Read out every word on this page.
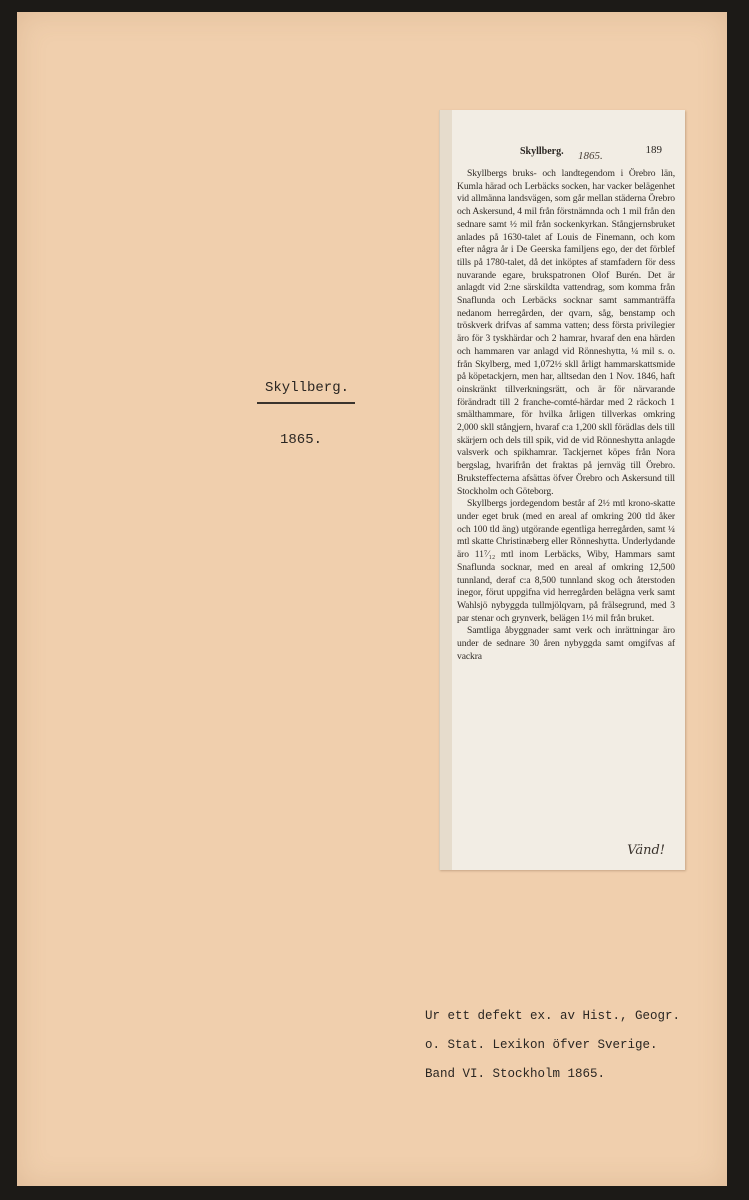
Skyllberg.
1865.
Skyllberg. 1865.	189

Skyllbergs bruks- och landtegendom i Örebro län, Kumla härad och Lerbäcks socken, har vacker belägenhet vid allmänna landsvägen, som går mellan städerna Örebro och Askersund, 4 mil från förstnämnda och 1 mil från den sednare samt ½ mil från sockenkyrkan. Stångjernsbruket anlades på 1630-talet af Louis de Finemann, och kom efter några år i De Geerska familjens ego, der det förblef tills på 1780-talet, då det inköptes af stamfadern för dess nuvarande egare, brukspatronen Olof Burén. Det är anlagdt vid 2:ne särskildta vattendrag, som komma från Snaflunda och Lerbäcks socknar samt sammanträffa nedanom herregården, der qvarn, såg, benstamp och tröskverk drifvas af samma vatten; dess första privilegier äro för 3 tyskhärdar och 2 hamrar, hvaraf den ena härden och hammaren var anlagd vid Rönneshytta, ¼ mil s. o. från Skylberg, med 1,072½ skll årligt hammarskattsmide på köpetackjern, men har, alltsedan den 1 Nov. 1846, haft oinskränkt tillverkningsrätt, och är för närvarande förändradt till 2 franche-comté-härdar med 2 räckoch 1 smälthammare, för hvilka årligen tillverkas omkring 2,000 skll stångjern, hvaraf c:a 1,200 skll förädlas dels till skärjern och dels till spik, vid de vid Rönneshytta anlagde valsverk och spikhamrar. Tackjernet köpes från Nora bergslag, hvarifrån det fraktas på jernväg till Örebro. Bruksteffecterna afsättas öfver Örebro och Askersund till Stockholm och Göteborg.

Skyllbergs jordegendom består af 2½ mtl krono-skatte under eget bruk (med en areal af omkring 200 tld åker och 100 tld äng) utgörande egentliga herregården, samt ¼ mtl skatte Christinæberg eller Rönneshytta. Underlydande äro 11⁷⁄₁₂ mtl inom Lerbäcks, Wiby, Hammars samt Snaflunda socknar, med en areal af omkring 12,500 tunnland, deraf c:a 8,500 tunnland skog och återstoden inegor, förut uppgifna vid herregården belägna verk samt Wahlsjö nybyggda tullmjölqvarn, på frälsegrund, med 3 par stenar och grynverk, belägen 1½ mil från bruket.

Samtliga åbyggnader samt verk och inrättningar äro under de sednare 30 åren nybyggda samt omgifvas af vackra

Vänd!
Ur ett defekt ex. av Hist., Geogr.
o. Stat. Lexikon öfver Sverige.
Band VI. Stockholm 1865.
